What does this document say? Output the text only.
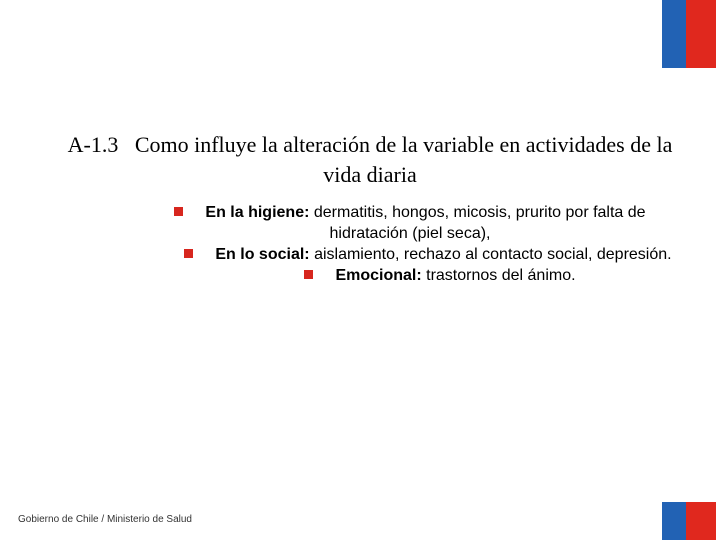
A-1.3 Como influye la alteración de la variable en actividades de la vida diaria

En la higiene: dermatitis, hongos, micosis, prurito por falta de hidratación (piel seca),

En lo social: aislamiento, rechazo al contacto social, depresión.

Emocional: trastornos del ánimo.

Gobierno de Chile / Ministerio de Salud
